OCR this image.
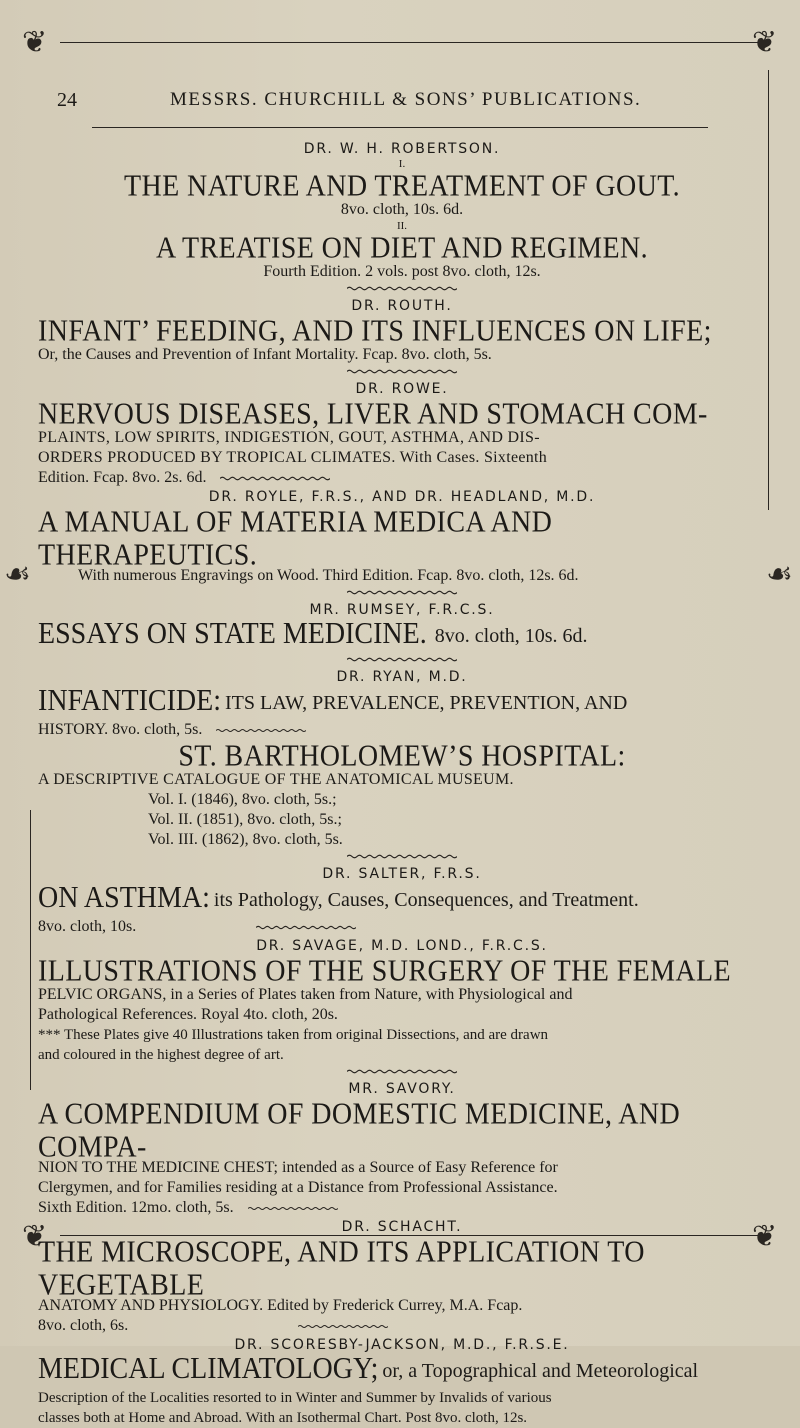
❦	❦
❦	❦
☙	☙
24	MESSRS. CHURCHILL & SONS’ PUBLICATIONS.

DR. W. H. ROBERTSON.

I.

THE NATURE AND TREATMENT OF GOUT.

8vo. cloth, 10s. 6d.

II.

A TREATISE ON DIET AND REGIMEN.

Fourth Edition. 2 vols. post 8vo. cloth, 12s.

DR. ROUTH.

INFANT’ FEEDING, AND ITS INFLUENCES ON LIFE;

Or, the Causes and Prevention of Infant Mortality. Fcap. 8vo. cloth, 5s.

DR. ROWE.

NERVOUS DISEASES, LIVER AND STOMACH COM-

PLAINTS, LOW SPIRITS, INDIGESTION, GOUT, ASTHMA, AND DIS-

ORDERS PRODUCED BY TROPICAL CLIMATES. With Cases. Sixteenth

Edition. Fcap. 8vo. 2s. 6d.

DR. ROYLE, F.R.S., AND DR. HEADLAND, M.D.

A MANUAL OF MATERIA MEDICA AND THERAPEUTICS.

With numerous Engravings on Wood. Third Edition. Fcap. 8vo. cloth, 12s. 6d.

MR. RUMSEY, F.R.C.S.

ESSAYS ON STATE MEDICINE. 8vo. cloth, 10s. 6d.

DR. RYAN, M.D.

INFANTICIDE: ITS LAW, PREVALENCE, PREVENTION, AND

HISTORY. 8vo. cloth, 5s.

ST. BARTHOLOMEW’S HOSPITAL:

A DESCRIPTIVE CATALOGUE OF THE ANATOMICAL MUSEUM.

Vol. I. (1846), 8vo. cloth, 5s.;

Vol. II. (1851), 8vo. cloth, 5s.;

Vol. III. (1862), 8vo. cloth, 5s.

DR. SALTER, F.R.S.

ON ASTHMA: its Pathology, Causes, Consequences, and Treatment.

8vo. cloth, 10s.

DR. SAVAGE, M.D. LOND., F.R.C.S.

ILLUSTRATIONS OF THE SURGERY OF THE FEMALE

PELVIC ORGANS, in a Series of Plates taken from Nature, with Physiological and

Pathological References. Royal 4to. cloth, 20s.

*** These Plates give 40 Illustrations taken from original Dissections, and are drawn

and coloured in the highest degree of art.

MR. SAVORY.

A COMPENDIUM OF DOMESTIC MEDICINE, AND COMPA-

NION TO THE MEDICINE CHEST; intended as a Source of Easy Reference for

Clergymen, and for Families residing at a Distance from Professional Assistance.

Sixth Edition. 12mo. cloth, 5s.

DR. SCHACHT.

THE MICROSCOPE, AND ITS APPLICATION TO VEGETABLE

ANATOMY AND PHYSIOLOGY. Edited by Frederick Currey, M.A. Fcap.

8vo. cloth, 6s.

DR. SCORESBY-JACKSON, M.D., F.R.S.E.

MEDICAL CLIMATOLOGY; or, a Topographical and Meteorological

Description of the Localities resorted to in Winter and Summer by Invalids of various

classes both at Home and Abroad. With an Isothermal Chart. Post 8vo. cloth, 12s.
